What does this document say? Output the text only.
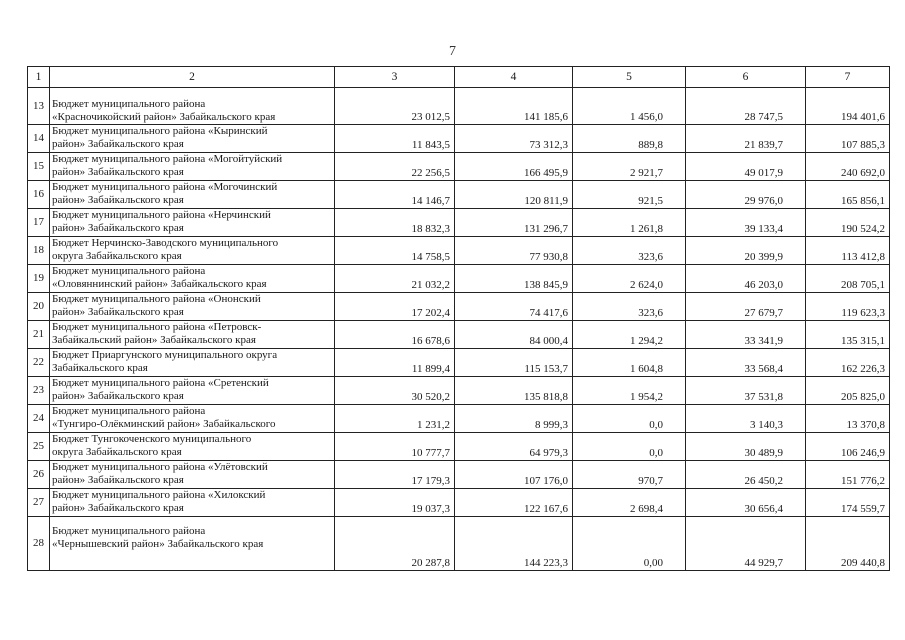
7
1	2	3	4	5	6	7
13	Бюджет муниципального района
«Красночикойский район» Забайкальского края	23 012,5	141 185,6	1 456,0	28 747,5	194 401,6
14	Бюджет муниципального района «Кыринский
район» Забайкальского края	11 843,5	73 312,3	889,8	21 839,7	107 885,3
15	Бюджет муниципального района «Могойтуйский
район» Забайкальского края	22 256,5	166 495,9	2 921,7	49 017,9	240 692,0
16	Бюджет муниципального района «Могочинский
район» Забайкальского края	14 146,7	120 811,9	921,5	29 976,0	165 856,1
17	Бюджет муниципального района «Нерчинский
район» Забайкальского края	18 832,3	131 296,7	1 261,8	39 133,4	190 524,2
18	Бюджет Нерчинско-Заводского муниципального
округа Забайкальского края	14 758,5	77 930,8	323,6	20 399,9	113 412,8
19	Бюджет муниципального района
«Оловяннинский район» Забайкальского края	21 032,2	138 845,9	2 624,0	46 203,0	208 705,1
20	Бюджет муниципального района «Ононский
район» Забайкальского края	17 202,4	74 417,6	323,6	27 679,7	119 623,3
21	Бюджет муниципального района «Петровск-
Забайкальский район» Забайкальского края	16 678,6	84 000,4	1 294,2	33 341,9	135 315,1
22	Бюджет Приаргунского муниципального округа
Забайкальского края	11 899,4	115 153,7	1 604,8	33 568,4	162 226,3
23	Бюджет муниципального района «Сретенский
район» Забайкальского края	30 520,2	135 818,8	1 954,2	37 531,8	205 825,0
24	Бюджет муниципального района
«Тунгиро-Олёкминский район» Забайкальского	1 231,2	8 999,3	0,0	3 140,3	13 370,8
25	Бюджет Тунгокоченского муниципального
округа Забайкальского края	10 777,7	64 979,3	0,0	30 489,9	106 246,9
26	Бюджет муниципального района «Улётовский
район» Забайкальского края	17 179,3	107 176,0	970,7	26 450,2	151 776,2
27	Бюджет муниципального района «Хилокский
район» Забайкальского края	19 037,3	122 167,6	2 698,4	30 656,4	174 559,7
28	Бюджет муниципального района
«Чернышевский район» Забайкальского края	20 287,8	144 223,3	0,00	44 929,7	209 440,8
